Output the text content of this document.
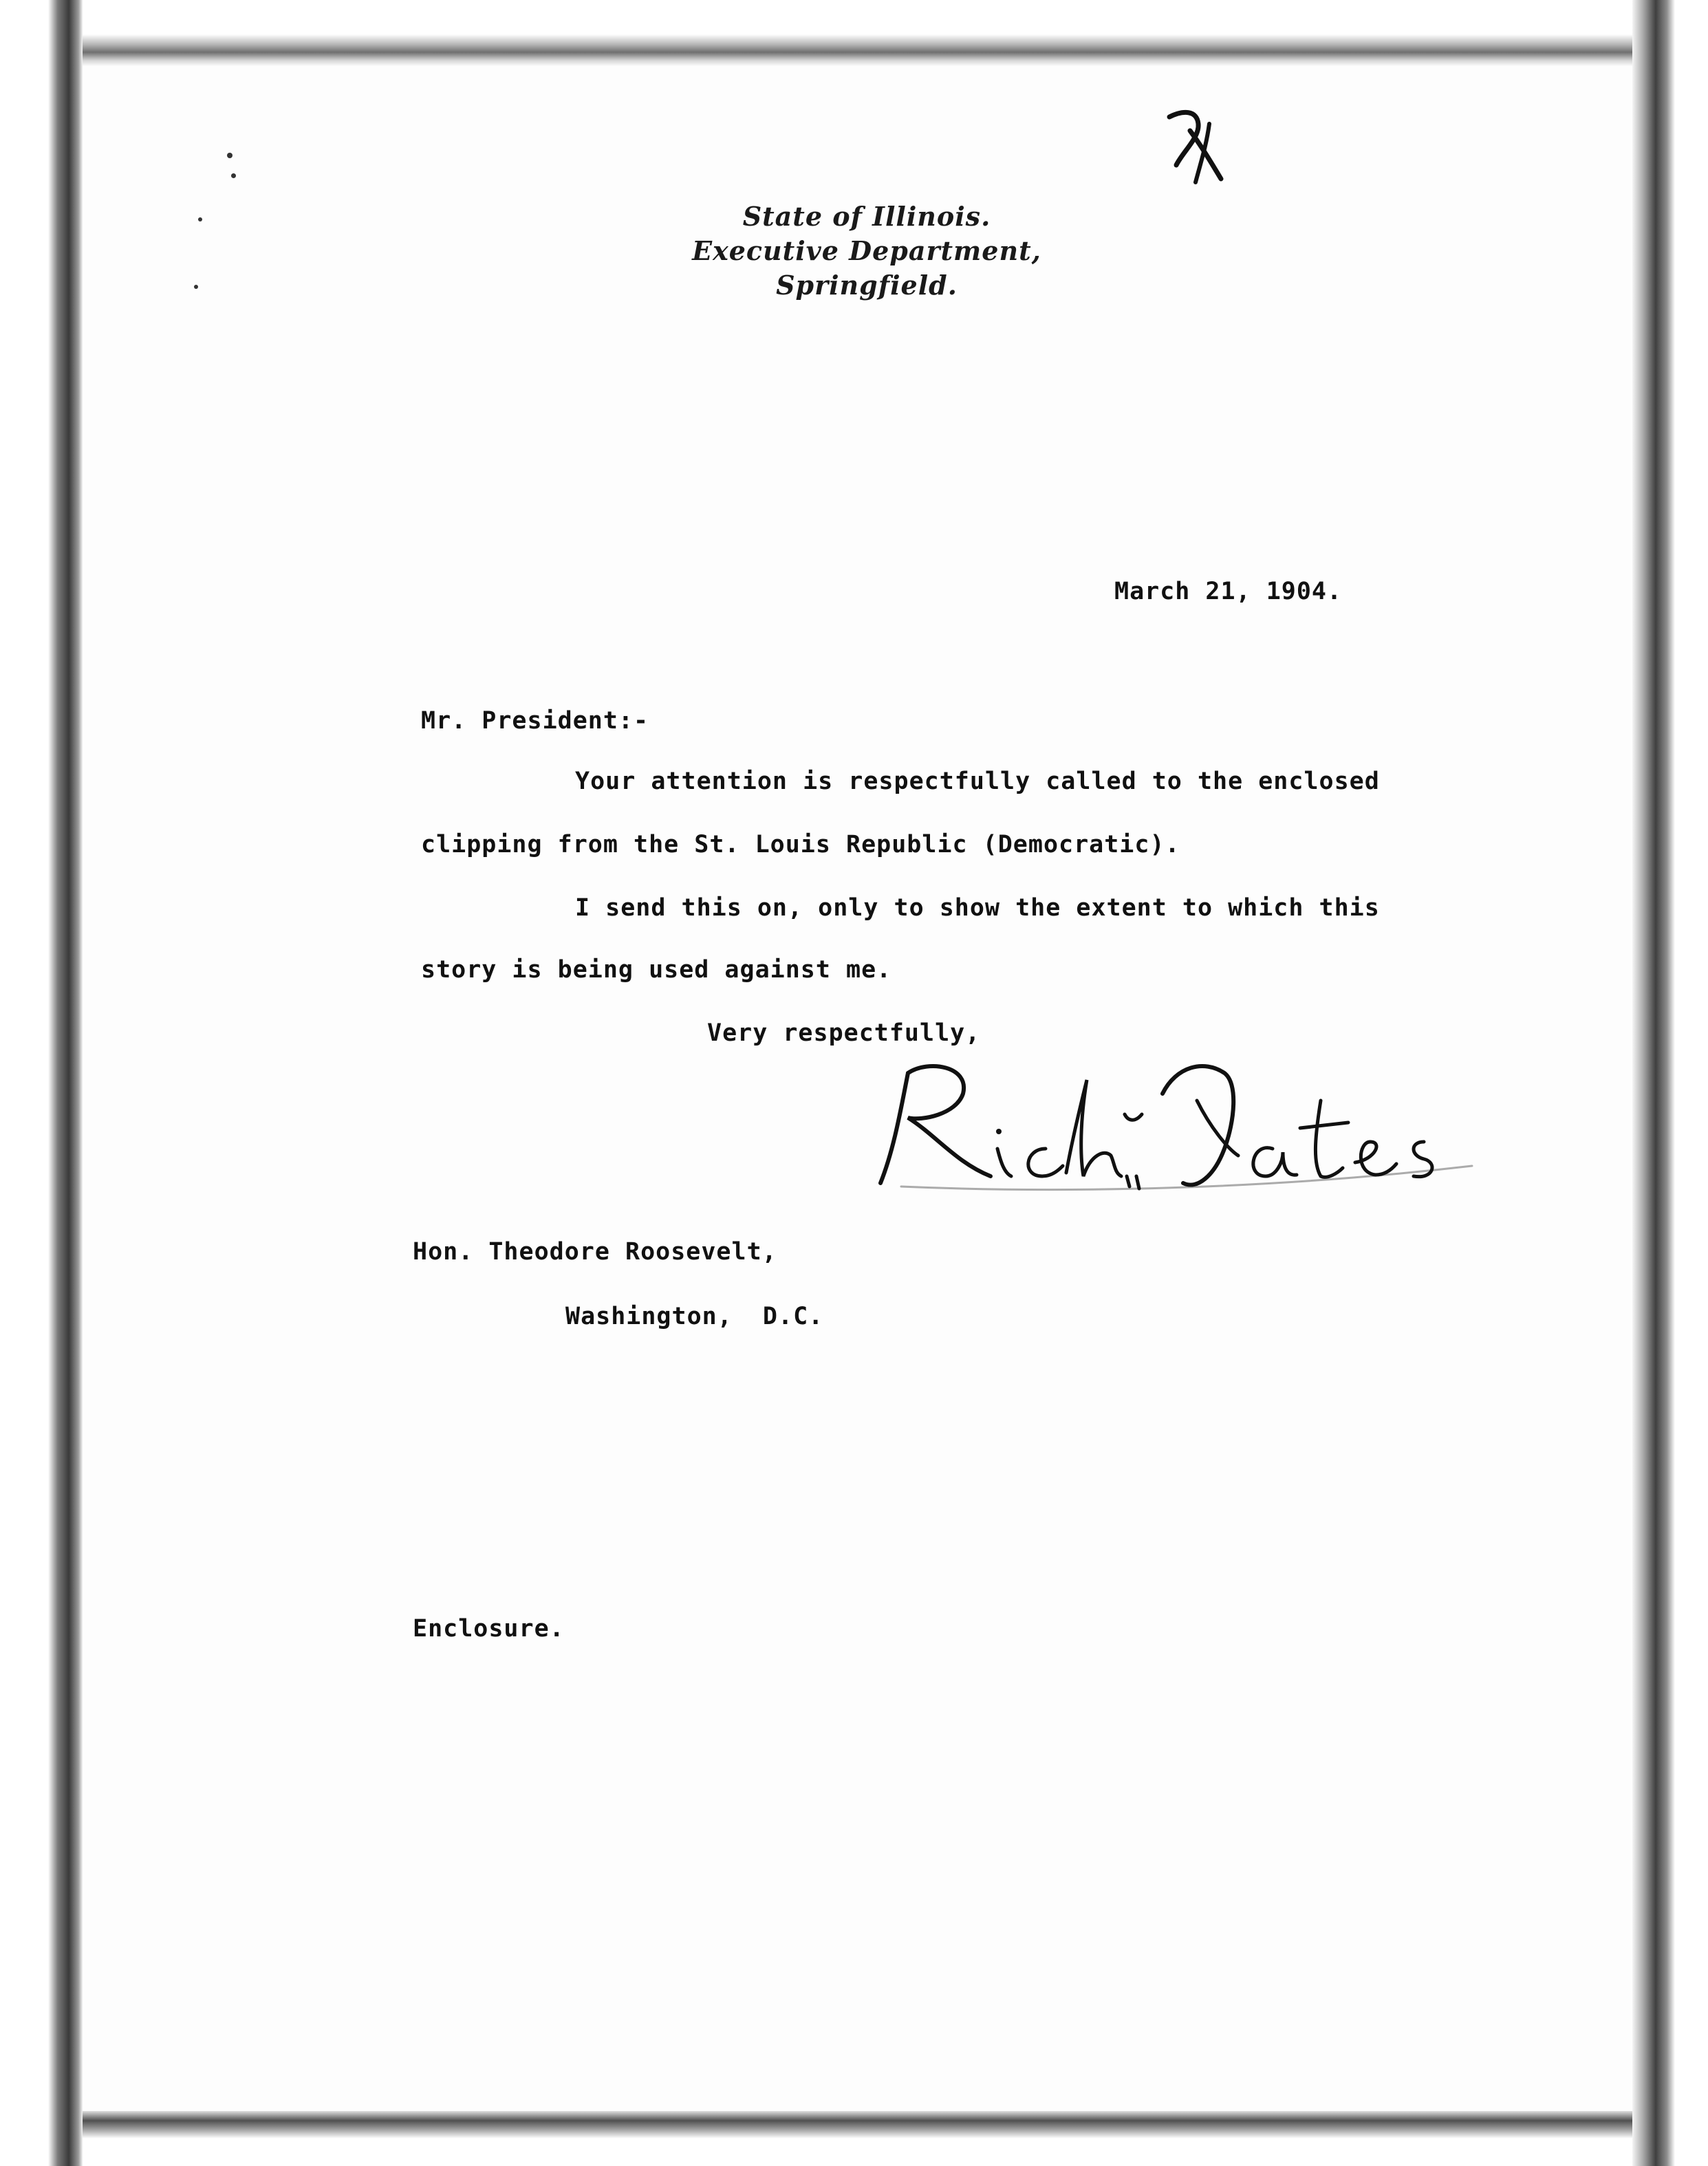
State of Illinois.
Executive Department,
Springfield.
March 21, 1904.
Mr. President:-
Your attention is respectfully called to the enclosed
clipping from the St. Louis Republic (Democratic).
I send this on, only to show the extent to which this
story is being used against me.
Very respectfully,
Hon. Theodore Roosevelt,
Washington,  D.C.
Enclosure.
